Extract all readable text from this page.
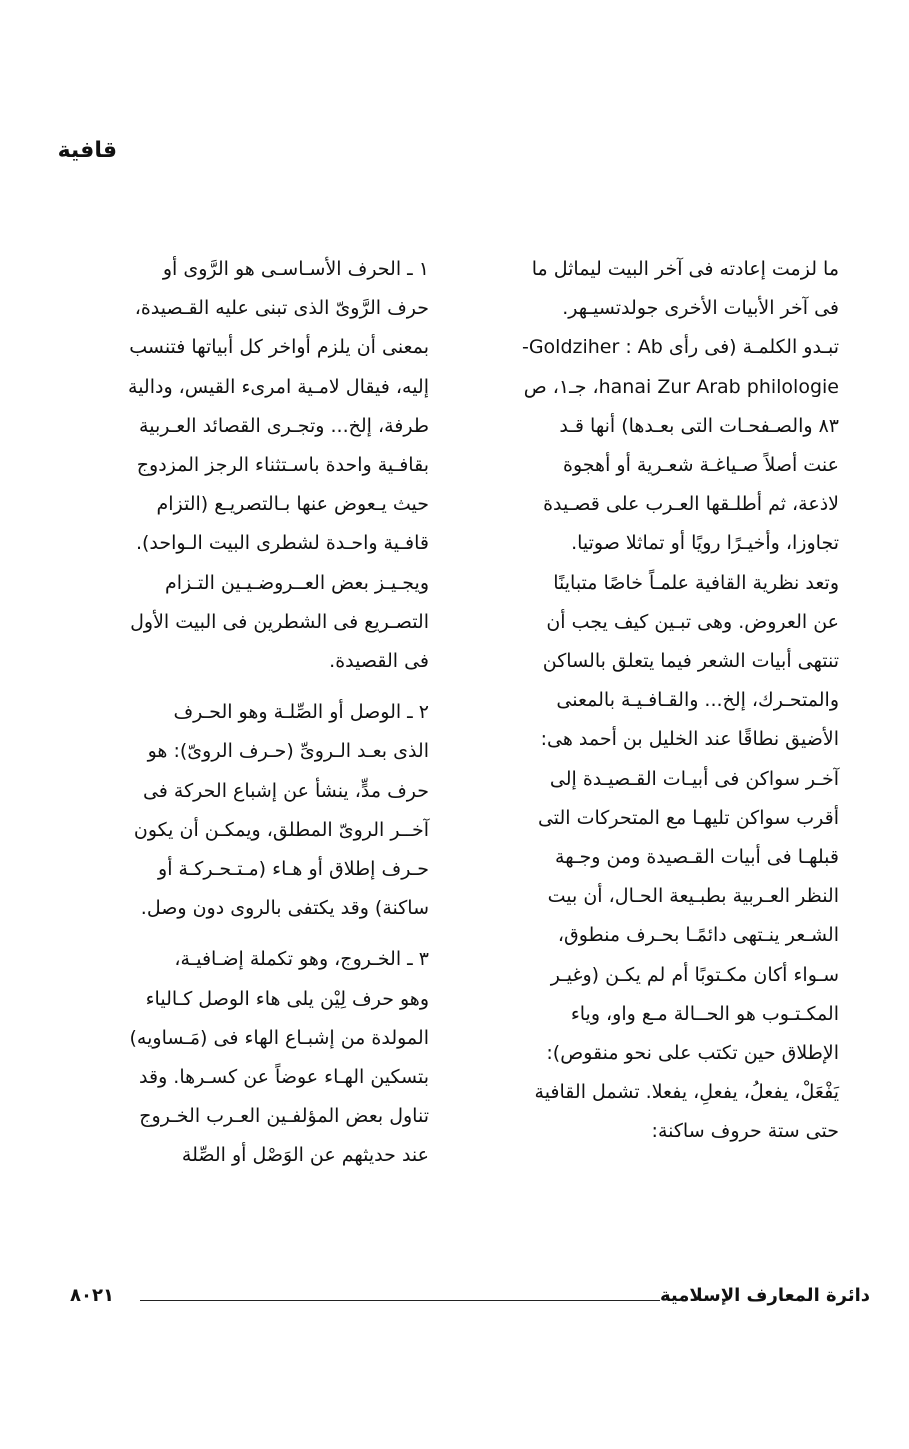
قافية
ما لزمت إعادته فى آخر البيت ليماثل ما
فى آخر الأبيات الأخرى جولدتسيـهر.
تبـدو الكلمـة (فى رأى Goldziher : Ab-
hanai Zur Arab philologie، جـ١، ص
٨٣ والصـفحـات التى بعـدها) أنها قـد
عنت أصلاً صـياغـة شعـرية أو أهجوة
لاذعة، ثم أطلـقها العـرب على قصـيدة
تجاوزا، وأخيـرًا رويًا أو تماثلا صوتيا.
وتعد نظرية القافية علمـاً خاصًا متباينًا
عن العروض. وهى تبـين كيف يجب أن
تنتهى أبيات الشعر فيما يتعلق بالساكن
والمتحـرك، إلخ... والقـافـيـة بالمعنى
الأضيق نطاقًا عند الخليل بن أحمد هى:
آخـر سواكن فى أبيـات القـصيـدة إلى
أقرب سواكن تليهـا مع المتحركات التى
قبلهـا فى أبيات القـصيدة ومن وجـهة
النظر العـربية بطبـيعة الحـال، أن بيت
الشـعر ينـتهى دائمًـا بحـرف منطوق،
سـواء أكان مكـتوبًا أم لم يكـن (وغيـر
المكـتـوب هو الحــالة مـع واو، وياء
الإطلاق حين تكتب على نحو منقوص):
يَفْعَلْ، يفعلُ، يفعلِ، يفعلا. تشمل القافية
حتى ستة حروف ساكنة:
١ ـ الحرف الأسـاسـى هو الرَّوى أو
حرف الرَّوىّ الذى تبنى عليه القـصيدة،
بمعنى أن يلزم أواخر كل أبياتها فتنسب
إليه، فيقال لامـية امرىء القيس، ودالية
طرفة، إلخ... وتجـرى القصائد العـربية
بقافـية واحدة باسـتثناء الرجز المزدوج
حيث يـعوض عنها بـالتصريـع (التزام
قافـية واحـدة لشطرى البيت الـواحد).
ويجـيـز بعض العــروضـيـين التـزام
التصـريع فى الشطرين فى البيت الأول
فى القصيدة.
٢ ـ الوصل أو الصِّلـة وهو الحـرف
الذى بعـد الـروىِّ (حـرف الروىّ): هو
حرف مدٍّ، ينشأ عن إشباع الحركة فى
آخــر الروىّ المطلق، ويمكـن أن يكون
حـرف إطلاق أو هـاء (مـتـحـركـة أو
ساكنة) وقد يكتفى بالروى دون وصل.
٣ ـ الخـروج، وهو تكملة إضـافيـة،
وهو حرف لِيْن يلى هاء الوصل كـالياء
المولدة من إشبـاع الهاء فى (مَـساويه)
بتسكين الهـاء عوضاً عن كسـرها. وقد
تناول بعض المؤلفـين العـرب الخـروج
عند حديثهم عن الوَصْل أو الصِّلة
دائرة المعارف الإسلامية
٨٠٢١
